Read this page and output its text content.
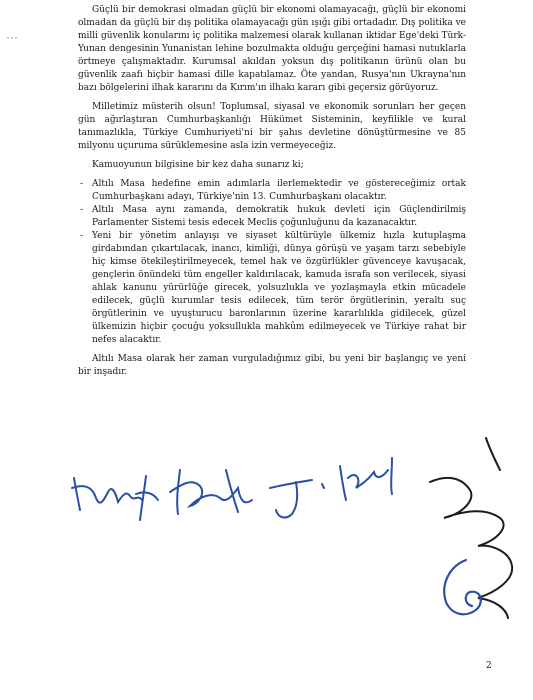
Güçlü bir demokrasi olmadan güçlü bir ekonomi olamayacağı, güçlü bir ekonomi olmadan da güçlü bir dış politika olamayacağı gün ışığı gibi ortadadır. Dış politika ve milli güvenlik konularını iç politika malzemesi olarak kullanan iktidar Ege'deki Türk-Yunan dengesinin Yunanistan lehine bozulmakta olduğu gerçeğini hamasi nutuklarla örtmeye çalışmaktadır. Kurumsal akıldan yoksun dış politikanın ürünü olan bu güvenlik zaafı hiçbir hamasi dille kapatılamaz. Öte yandan, Rusya'nın Ukrayna'nın bazı bölgelerini ilhak kararını da Kırım'ın ilhakı kararı gibi geçersiz görüyoruz.

Milletimiz müsterih olsun! Toplumsal, siyasal ve ekonomik sorunları her geçen gün ağırlaştıran Cumhurbaşkanlığı Hükümet Sisteminin, keyfilikle ve kural tanımazlıkla, Türkiye Cumhuriyeti'ni bir şahıs devletine dönüştürmesine ve 85 milyonu uçuruma sürüklemesine asla izin vermeyeceğiz.

Kamuoyunun bilgisine bir kez daha sunarız ki;

- Altılı Masa hedefine emin adımlarla ilerlemektedir ve göstereceğimiz ortak Cumhurbaşkanı adayı, Türkiye'nin 13. Cumhurbaşkanı olacaktır.
- Altılı Masa aynı zamanda, demokratik hukuk devleti için Güçlendirilmiş Parlamenter Sistemi tesis edecek Meclis çoğunluğunu da kazanacaktır.
- Yeni bir yönetim anlayışı ve siyaset kültürüyle ülkemiz hızla kutuplaşma girdabından çıkartılacak, inancı, kimliği, dünya görüşü ve yaşam tarzı sebebiyle hiç kimse ötekileştirilmeyecek, temel hak ve özgürlükler güvenceye kavuşacak, gençlerin önündeki tüm engeller kaldırılacak, kamuda israfa son verilecek, siyasi ahlak kanunu yürürlüğe girecek, yolsuzlukla ve yozlaşmayla etkin mücadele edilecek, güçlü kurumlar tesis edilecek, tüm terör örgütlerinin, yeraltı suç örgütlerinin ve uyuşturucu baronlarının üzerine kararlılıkla gidilecek, güzel ülkemizin hiçbir çocuğu yoksullukla mahkûm edilmeyecek ve Türkiye rahat bir nefes alacaktır.

Altılı Masa olarak her zaman vurguladığımız gibi, bu yeni bir başlangıç ve yeni bir inşadır.

2
